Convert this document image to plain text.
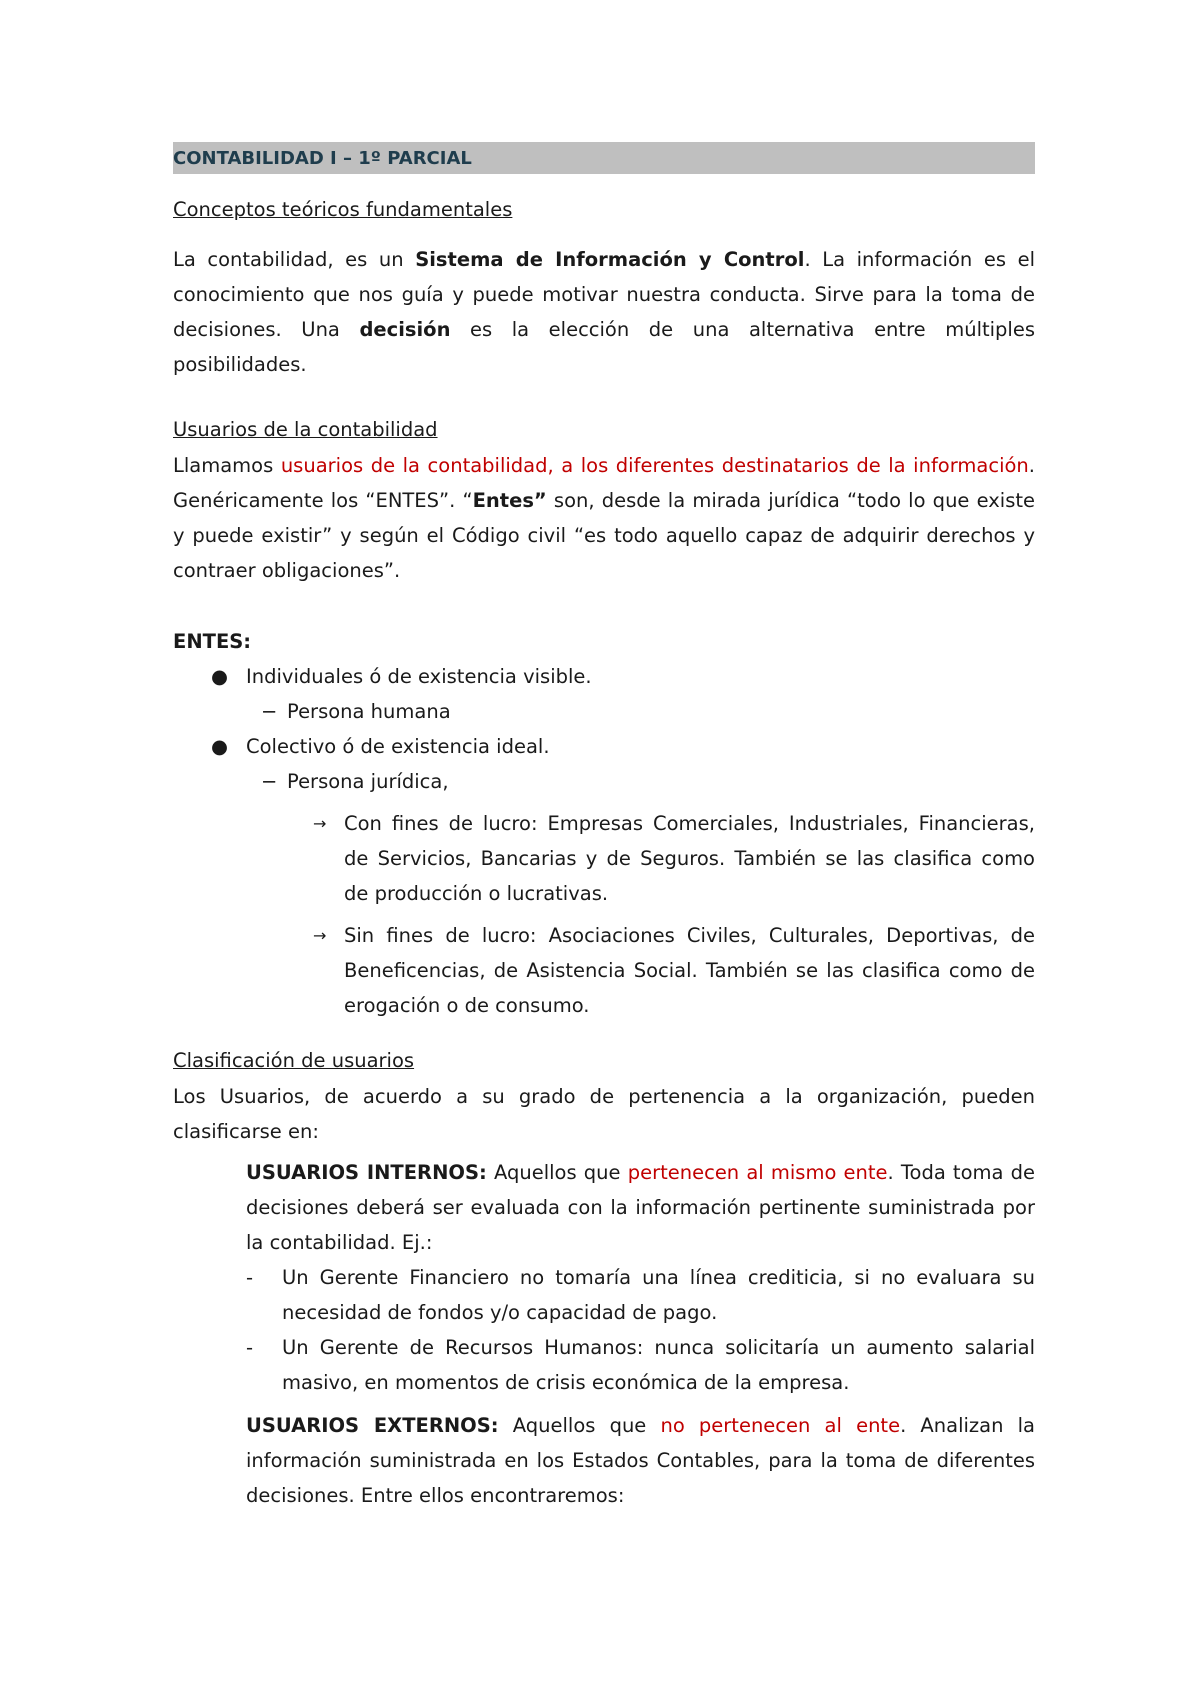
CONTABILIDAD I – 1º PARCIAL
Conceptos teóricos fundamentales
La contabilidad, es un Sistema de Información y Control. La información es el conocimiento que nos guía y puede motivar nuestra conducta. Sirve para la toma de decisiones. Una decisión es la elección de una alternativa entre múltiples posibilidades.
Usuarios de la contabilidad
Llamamos usuarios de la contabilidad, a los diferentes destinatarios de la información. Genéricamente los “ENTES”. “Entes” son, desde la mirada jurídica “todo lo que existe y puede existir” y según el Código civil “es todo aquello capaz de adquirir derechos y contraer obligaciones”.
ENTES:
● Individuales ó de existencia visible.
− Persona humana
● Colectivo ó de existencia ideal.
− Persona jurídica,
→ Con fines de lucro: Empresas Comerciales, Industriales, Financieras, de Servicios, Bancarias y de Seguros. También se las clasifica como de producción o lucrativas.
→ Sin fines de lucro: Asociaciones Civiles, Culturales, Deportivas, de Beneficencias, de Asistencia Social. También se las clasifica como de erogación o de consumo.
Clasificación de usuarios
Los Usuarios, de acuerdo a su grado de pertenencia a la organización, pueden clasificarse en:
USUARIOS INTERNOS: Aquellos que pertenecen al mismo ente. Toda toma de decisiones deberá ser evaluada con la información pertinente suministrada por la contabilidad. Ej.:
- Un Gerente Financiero no tomaría una línea crediticia, si no evaluara su necesidad de fondos y/o capacidad de pago.
- Un Gerente de Recursos Humanos: nunca solicitaría un aumento salarial masivo, en momentos de crisis económica de la empresa.
USUARIOS EXTERNOS: Aquellos que no pertenecen al ente. Analizan la información suministrada en los Estados Contables, para la toma de diferentes decisiones. Entre ellos encontraremos:
